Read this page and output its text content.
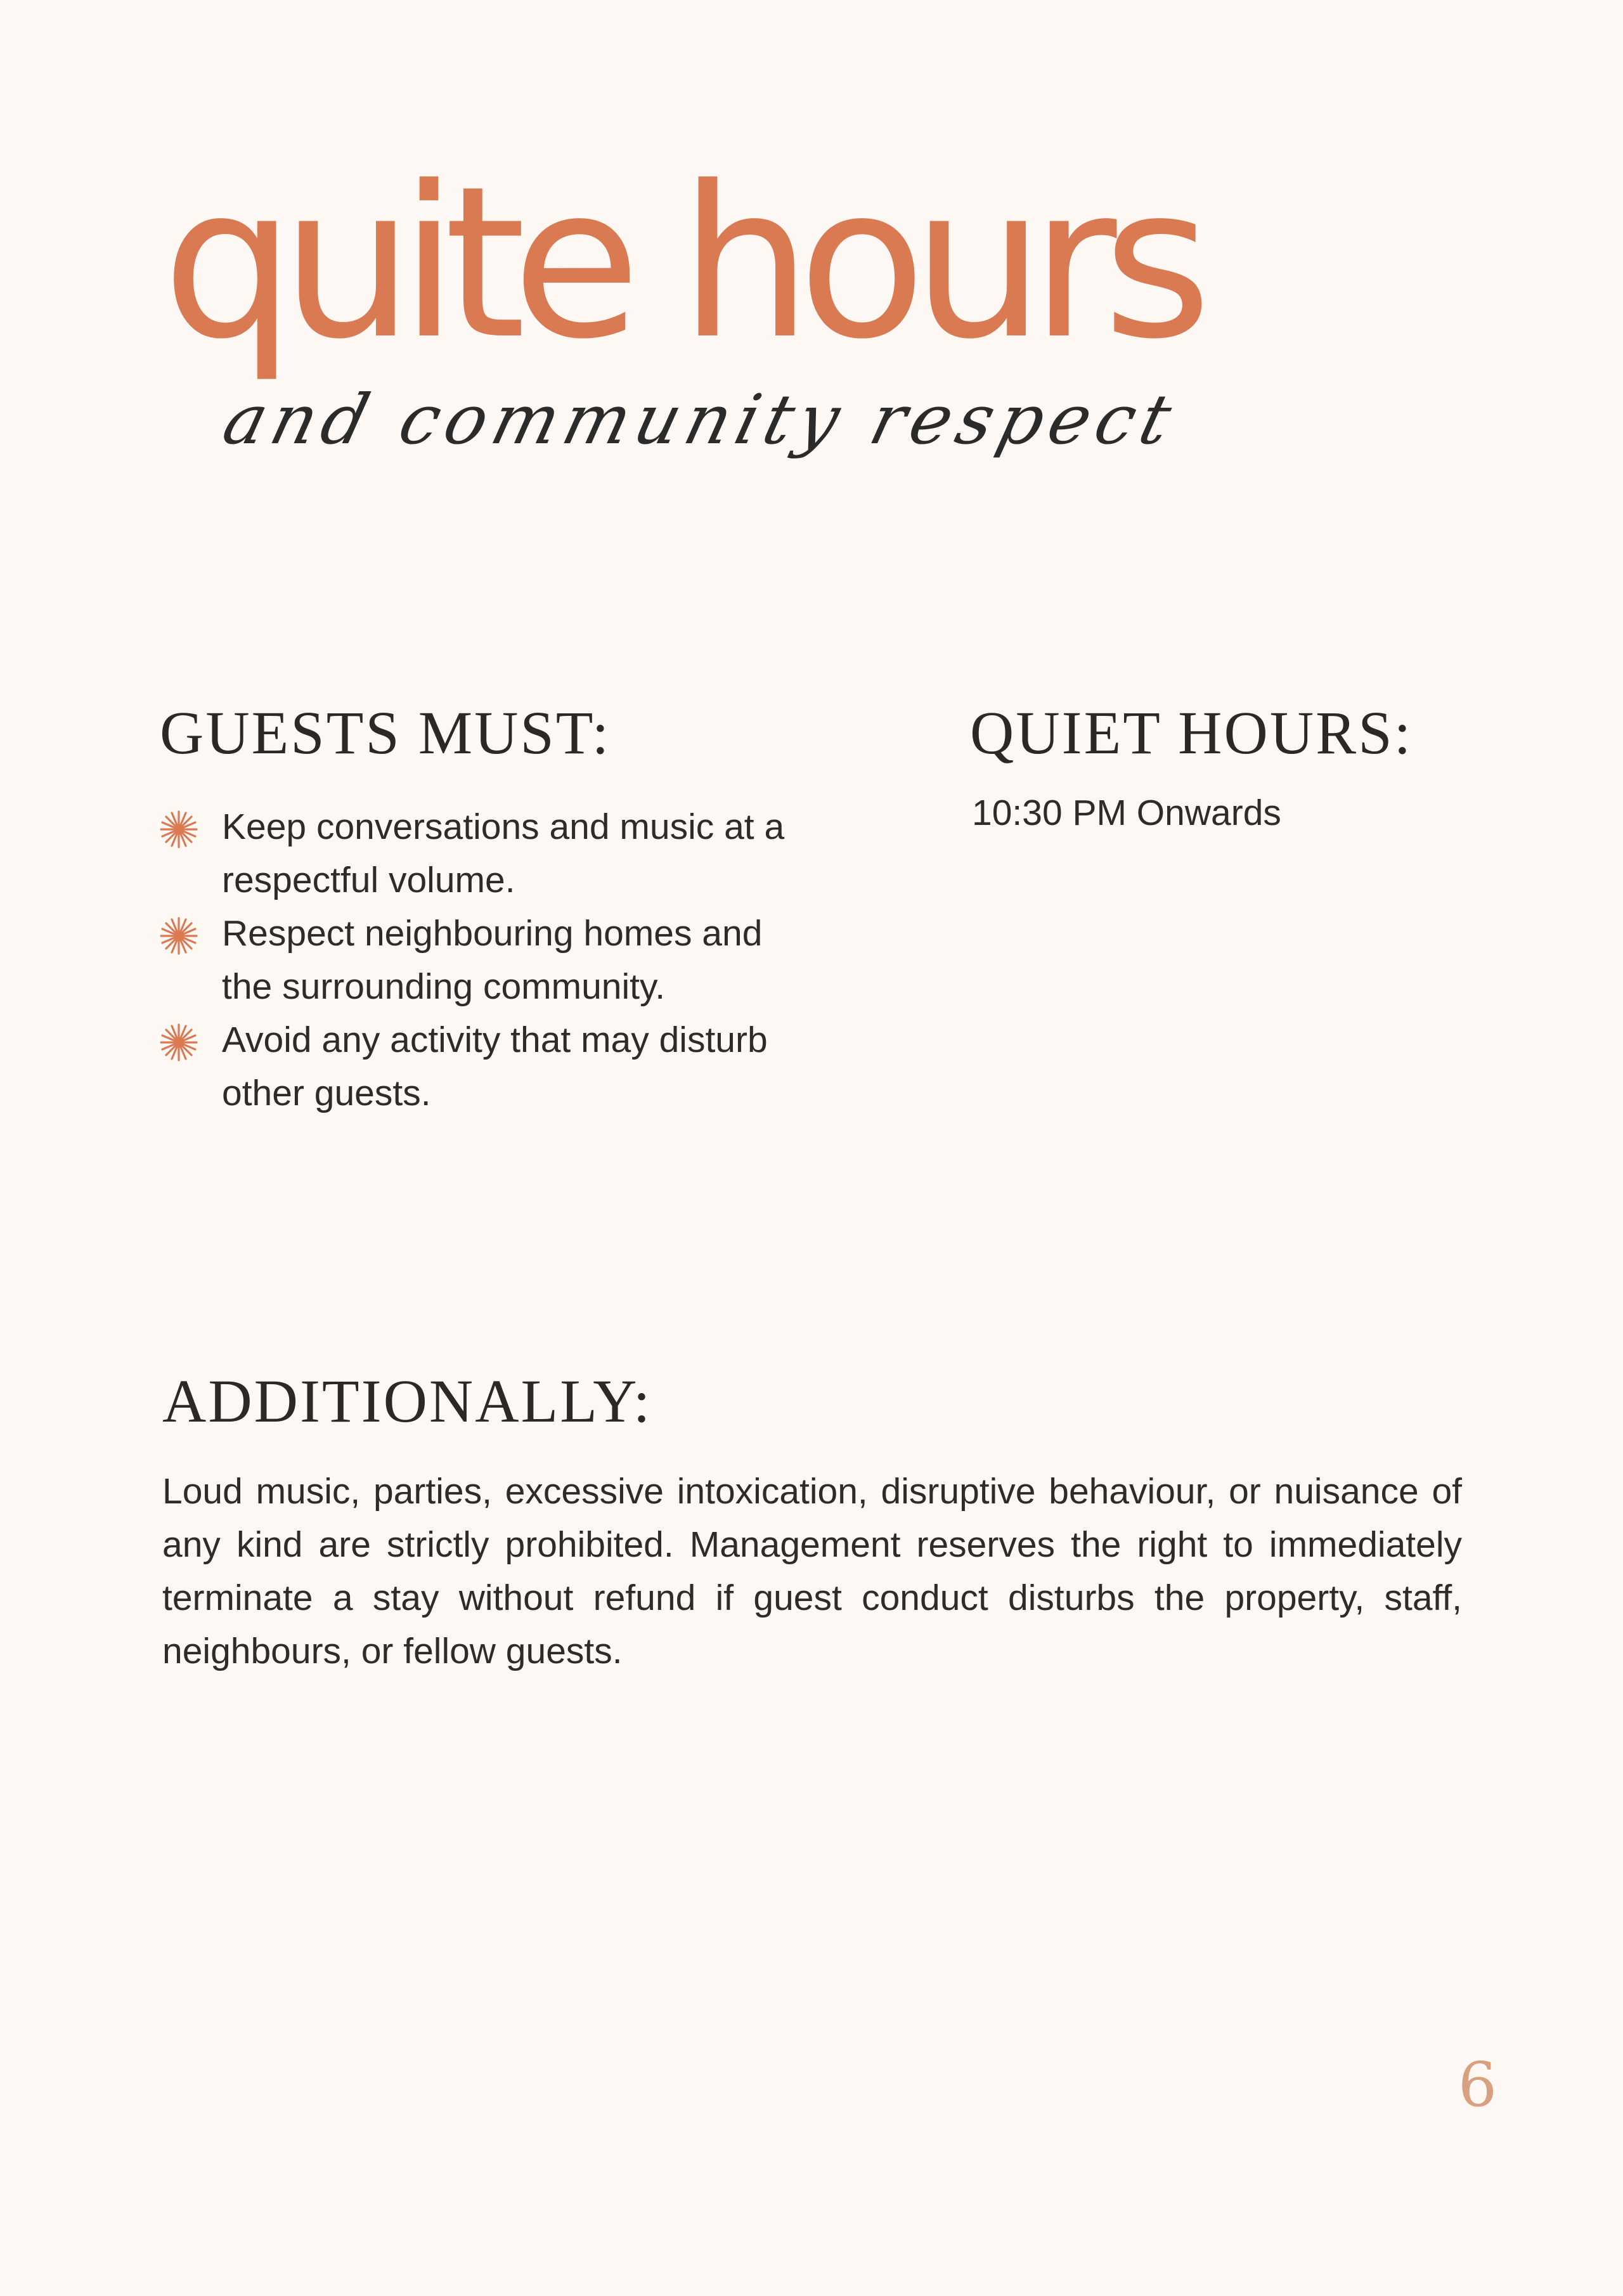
quite hours

and community respect

GUESTS MUST:
Keep conversations and music at a respectful volume.
Respect neighbouring homes and the surrounding community.
Avoid any activity that may disturb other guests.
QUIET HOURS:

10:30 PM Onwards

ADDITIONALLY:

Loud music, parties, excessive intoxication, disruptive behaviour, or nuisance of any kind are strictly prohibited. Management reserves the right to immediately terminate a stay without refund if guest conduct disturbs the property, staff, neighbours, or fellow guests.

6
